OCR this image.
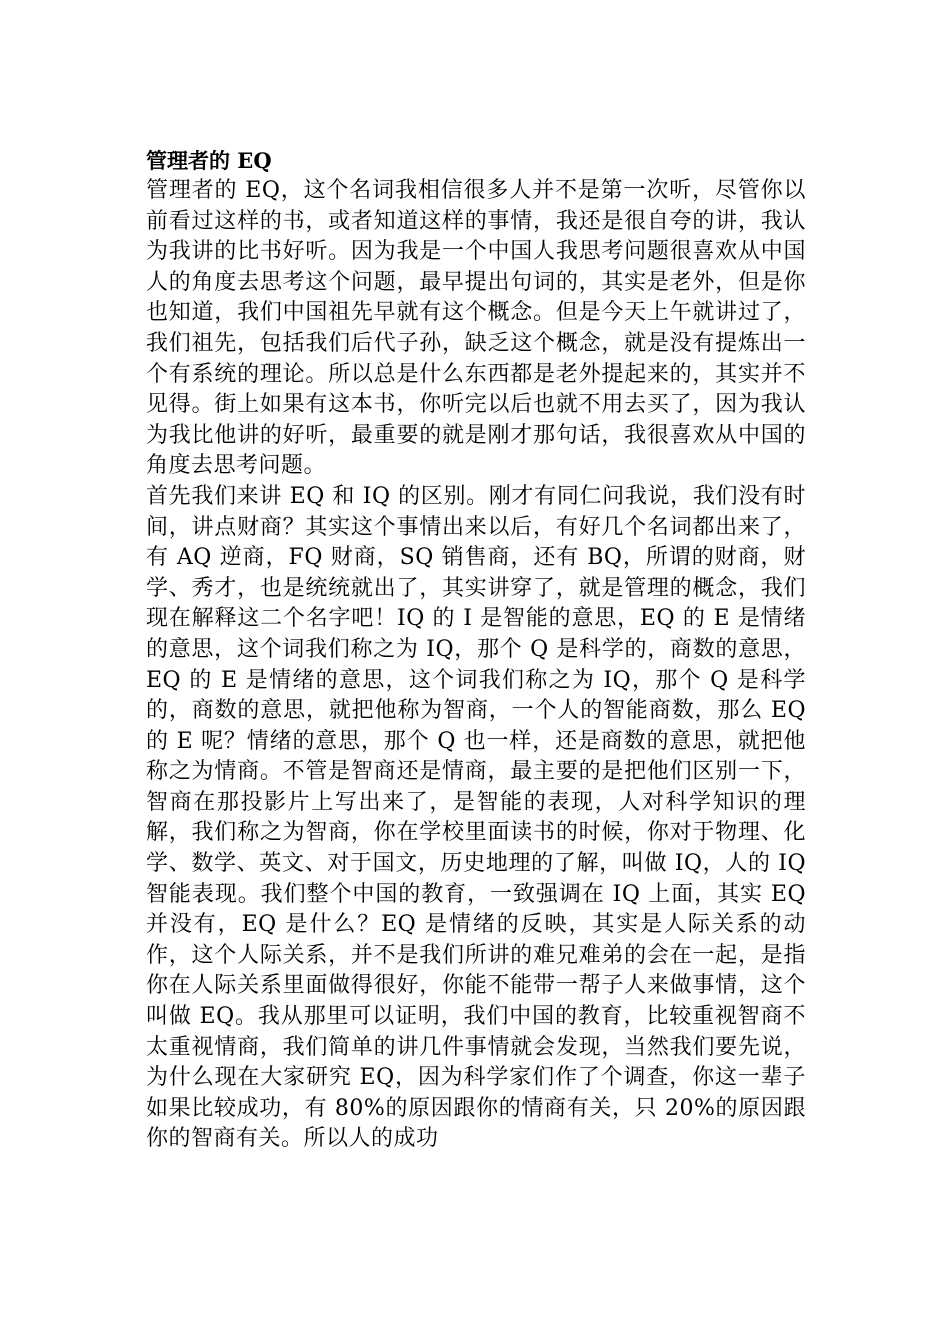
管理者的 EQ

管理者的 EQ，这个名词我相信很多人并不是第一次听，尽管你以前看过这样的书，或者知道这样的事情，我还是很自夸的讲，我认为我讲的比书好听。因为我是一个中国人我思考问题很喜欢从中国人的角度去思考这个问题，最早提出句词的，其实是老外，但是你也知道，我们中国祖先早就有这个概念。但是今天上午就讲过了，我们祖先，包括我们后代子孙，缺乏这个概念，就是没有提炼出一个有系统的理论。所以总是什么东西都是老外提起来的，其实并不见得。街上如果有这本书，你听完以后也就不用去买了，因为我认为我比他讲的好听，最重要的就是刚才那句话，我很喜欢从中国的角度去思考问题。

首先我们来讲 EQ 和 IQ 的区别。刚才有同仁问我说，我们没有时间，讲点财商？其实这个事情出来以后，有好几个名词都出来了，有 AQ 逆商，FQ 财商，SQ 销售商，还有 BQ，所谓的财商，财学、秀才，也是统统就出了，其实讲穿了，就是管理的概念，我们现在解释这二个名字吧！IQ 的 I 是智能的意思，EQ 的 E 是情绪的意思，这个词我们称之为 IQ，那个 Q 是科学的，商数的意思，EQ 的 E 是情绪的意思，这个词我们称之为 IQ，那个 Q 是科学的，商数的意思，就把他称为智商，一个人的智能商数，那么 EQ 的 E 呢？情绪的意思，那个 Q 也一样，还是商数的意思，就把他称之为情商。不管是智商还是情商，最主要的是把他们区别一下，智商在那投影片上写出来了，是智能的表现，人对科学知识的理解，我们称之为智商，你在学校里面读书的时候，你对于物理、化学、数学、英文、对于国文，历史地理的了解，叫做 IQ，人的 IQ 智能表现。我们整个中国的教育，一致强调在 IQ 上面，其实 EQ 并没有，EQ 是什么？EQ 是情绪的反映，其实是人际关系的动作，这个人际关系，并不是我们所讲的难兄难弟的会在一起，是指你在人际关系里面做得很好，你能不能带一帮子人来做事情，这个叫做 EQ。我从那里可以证明，我们中国的教育，比较重视智商不太重视情商，我们简单的讲几件事情就会发现，当然我们要先说，为什么现在大家研究 EQ，因为科学家们作了个调查，你这一辈子如果比较成功，有 80%的原因跟你的情商有关，只 20%的原因跟你的智商有关。所以人的成功
